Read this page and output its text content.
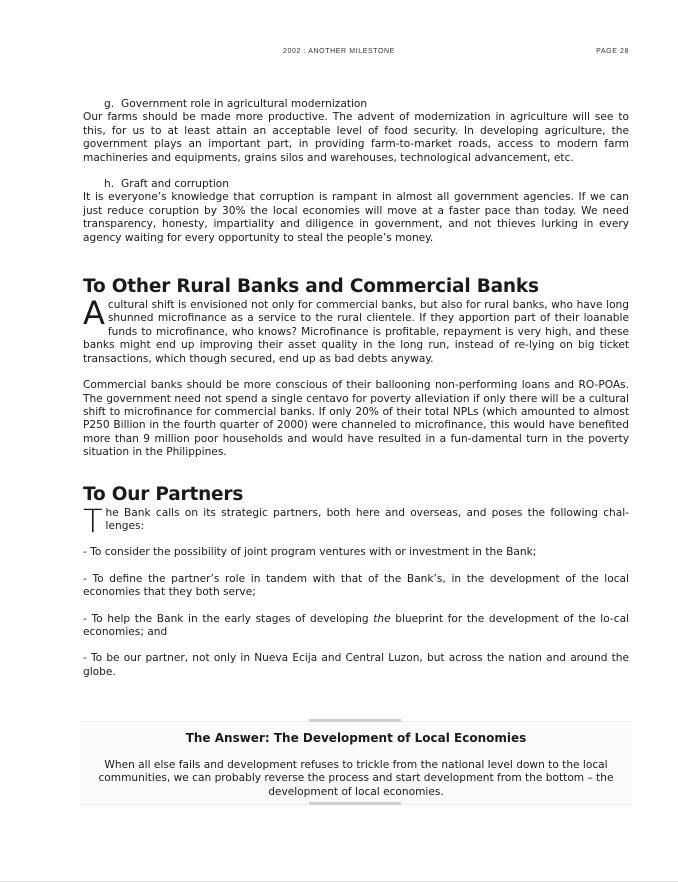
2002 : ANOTHER MILESTONE	PAGE 28

g. Government role in agricultural modernization

Our farms should be made more productive. The advent of modernization in agriculture will see to this, for us to at least attain an acceptable level of food security. In developing agriculture, the government plays an important part, in providing farm-to-market roads, access to modern farm machineries and equipments, grains silos and warehouses, technological advancement, etc.

h. Graft and corruption

It is everyone’s knowledge that corruption is rampant in almost all government agencies. If we can just reduce coruption by 30% the local economies will move at a faster pace than today. We need transparency, honesty, impartiality and diligence in government, and not thieves lurking in every agency waiting for every opportunity to steal the people’s money.

To Other Rural Banks and Commercial Banks

Acultural shift is envisioned not only for commercial banks, but also for rural banks, who have long shunned microfinance as a service to the rural clientele. If they apportion part of their loanable funds to microfinance, who knows? Microfinance is profitable, repayment is very high, and these banks might end up improving their asset quality in the long run, instead of re-lying on big ticket transactions, which though secured, end up as bad debts anyway.

Commercial banks should be more conscious of their ballooning non-performing loans and RO-POAs. The government need not spend a single centavo for poverty alleviation if only there will be a cultural shift to microfinance for commercial banks. If only 20% of their total NPLs (which amounted to almost P250 Billion in the fourth quarter of 2000) were channeled to microfinance, this would have benefited more than 9 million poor households and would have resulted in a fun-damental turn in the poverty situation in the Philippines.

To Our Partners

The Bank calls on its strategic partners, both here and overseas, and poses the following chal-lenges:

- To consider the possibility of joint program ventures with or investment in the Bank;

- To define the partner’s role in tandem with that of the Bank’s, in the development of the local economies that they both serve;

- To help the Bank in the early stages of developing the blueprint for the development of the lo-cal economies; and

- To be our partner, not only in Nueva Ecija and Central Luzon, but across the nation and around the globe.

The Answer: The Development of Local Economies
When all else fails and development refuses to trickle from the national level down to the local communities, we can probably reverse the process and start development from the bottom – the development of local economies.
